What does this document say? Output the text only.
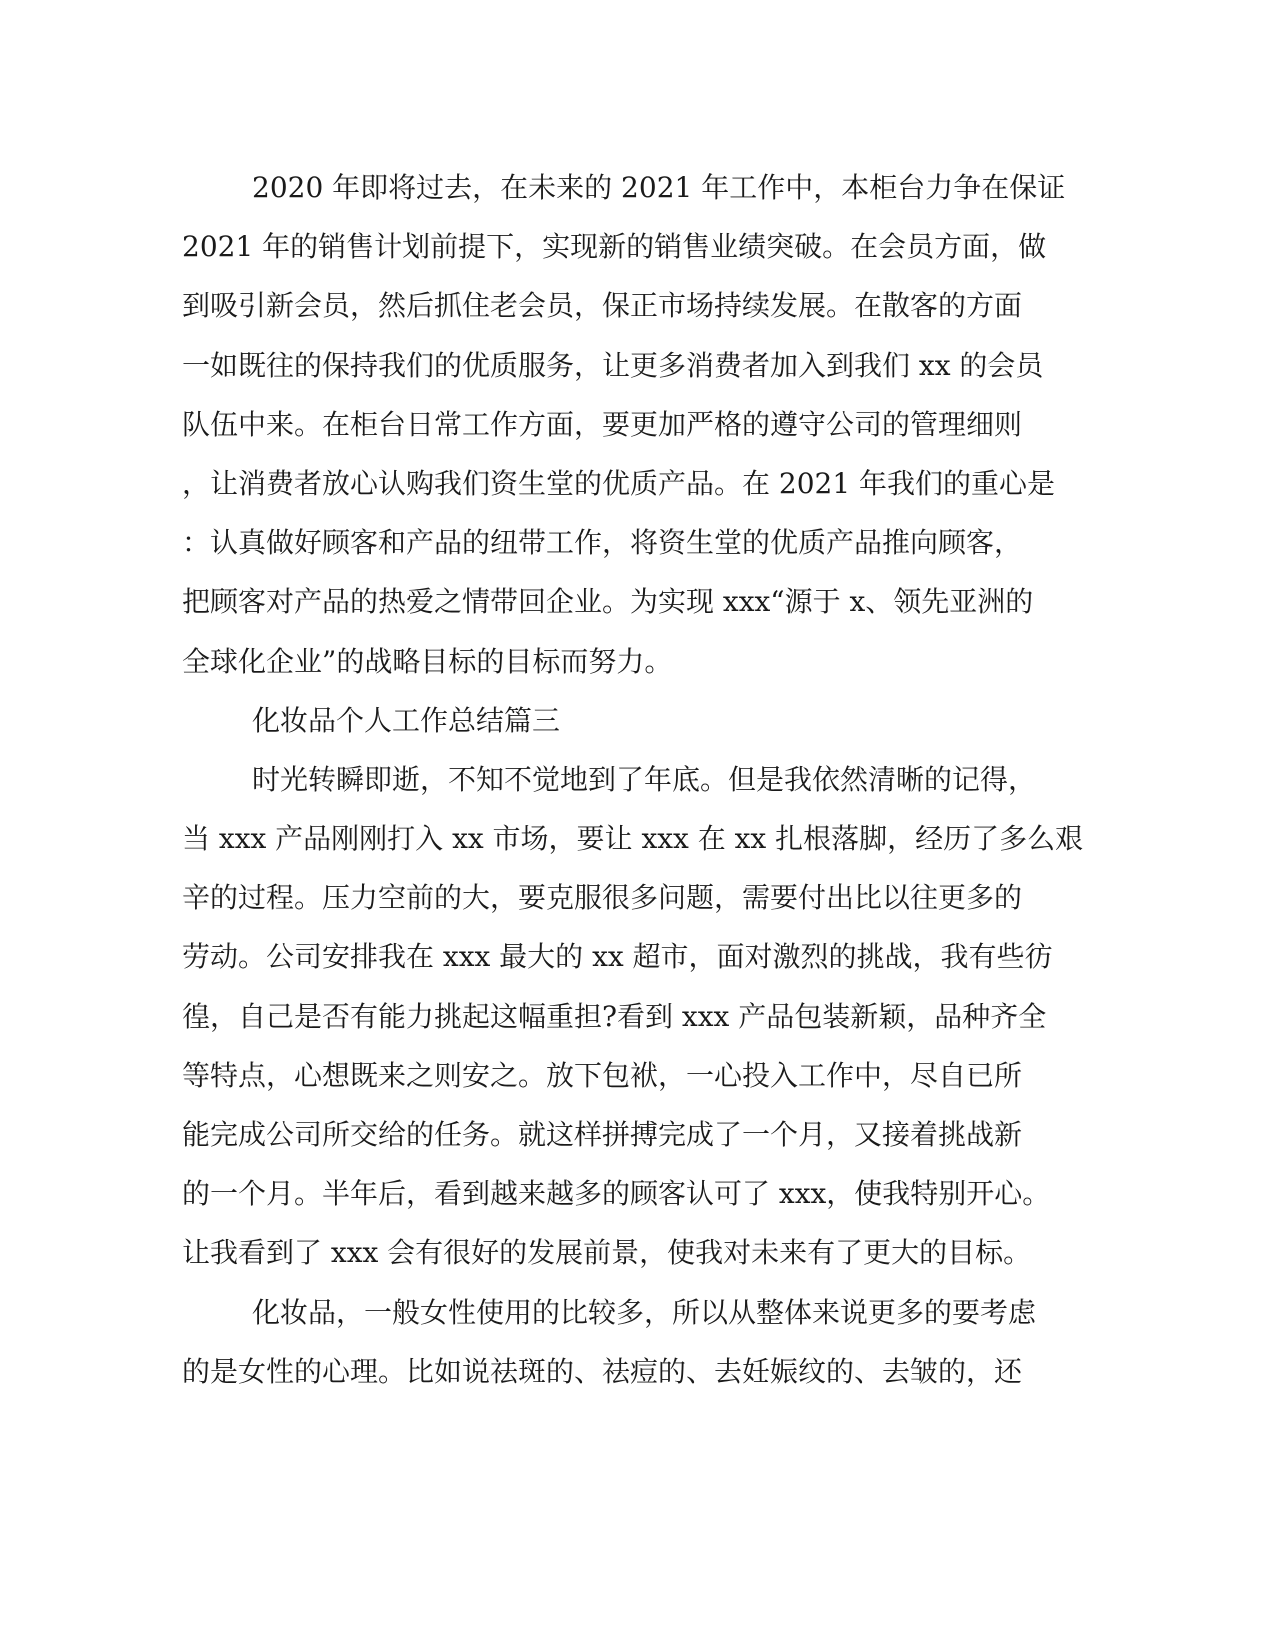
2020 年即将过去，在未来的 2021 年工作中，本柜台力争在保证
2021 年的销售计划前提下，实现新的销售业绩突破。在会员方面，做
到吸引新会员，然后抓住老会员，保正市场持续发展。在散客的方面
一如既往的保持我们的优质服务，让更多消费者加入到我们 xx 的会员
队伍中来。在柜台日常工作方面，要更加严格的遵守公司的管理细则
，让消费者放心认购我们资生堂的优质产品。在 2021 年我们的重心是
：认真做好顾客和产品的纽带工作，将资生堂的优质产品推向顾客，
把顾客对产品的热爱之情带回企业。为实现 xxx“源于 x、领先亚洲的
全球化企业”的战略目标的目标而努力。
化妆品个人工作总结篇三
时光转瞬即逝，不知不觉地到了年底。但是我依然清晰的记得，
当 xxx 产品刚刚打入 xx 市场，要让 xxx 在 xx 扎根落脚，经历了多么艰
辛的过程。压力空前的大，要克服很多问题，需要付出比以往更多的
劳动。公司安排我在 xxx 最大的 xx 超市，面对激烈的挑战，我有些彷
徨，自己是否有能力挑起这幅重担?看到 xxx 产品包装新颖，品种齐全
等特点，心想既来之则安之。放下包袱，一心投入工作中，尽自已所
能完成公司所交给的任务。就这样拼搏完成了一个月，又接着挑战新
的一个月。半年后，看到越来越多的顾客认可了 xxx，使我特别开心。
让我看到了 xxx 会有很好的发展前景，使我对未来有了更大的目标。
化妆品，一般女性使用的比较多，所以从整体来说更多的要考虑
的是女性的心理。比如说祛斑的、祛痘的、去妊娠纹的、去皱的，还
